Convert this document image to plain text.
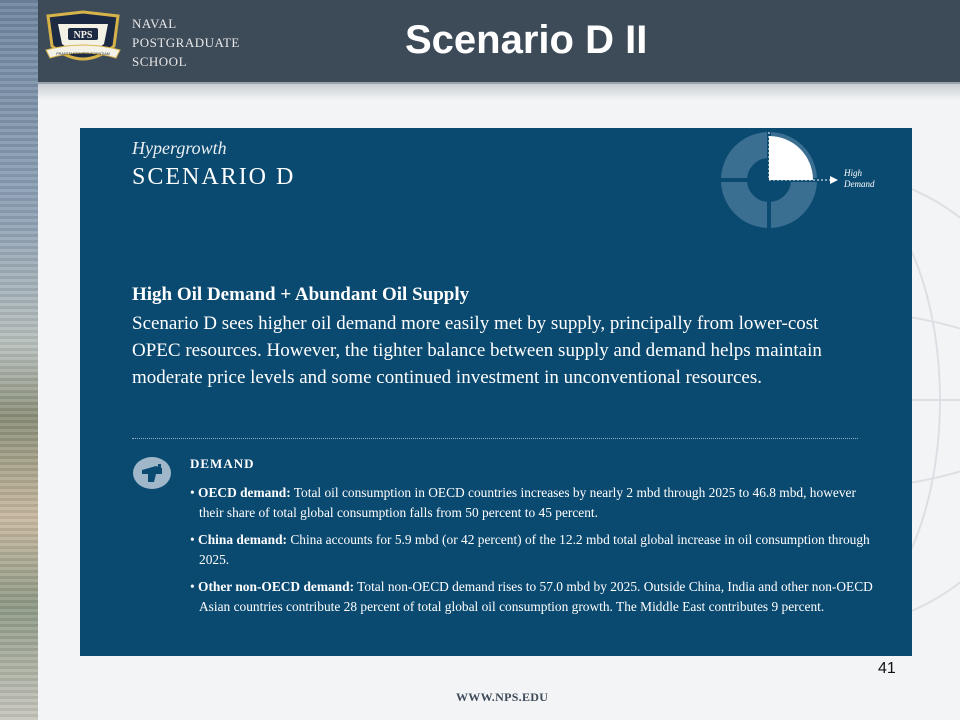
NPS
PRAESTANTIA PER SCIENTIAM
NAVAL
POSTGRADUATE
SCHOOL	Scenario D II
Hypergrowth
SCENARIO D	High
Demand
High Oil Demand + Abundant Oil Supply
Scenario D sees higher oil demand more easily met by supply, principally from lower-cost OPEC resources. However, the tighter balance between supply and demand helps maintain moderate price levels and some continued investment in unconventional resources.
DEMAND
• OECD demand: Total oil consumption in OECD countries increases by nearly 2 mbd through 2025 to 46.8 mbd, however their share of total global consumption falls from 50 percent to 45 percent.
• China demand: China accounts for 5.9 mbd (or 42 percent) of the 12.2 mbd total global increase in oil consumption through 2025.
• Other non-OECD demand: Total non-OECD demand rises to 57.0 mbd by 2025. Outside China, India and other non-OECD Asian countries contribute 28 percent of total global oil consumption growth. The Middle East contributes 9 percent.
41
WWW.NPS.EDU
